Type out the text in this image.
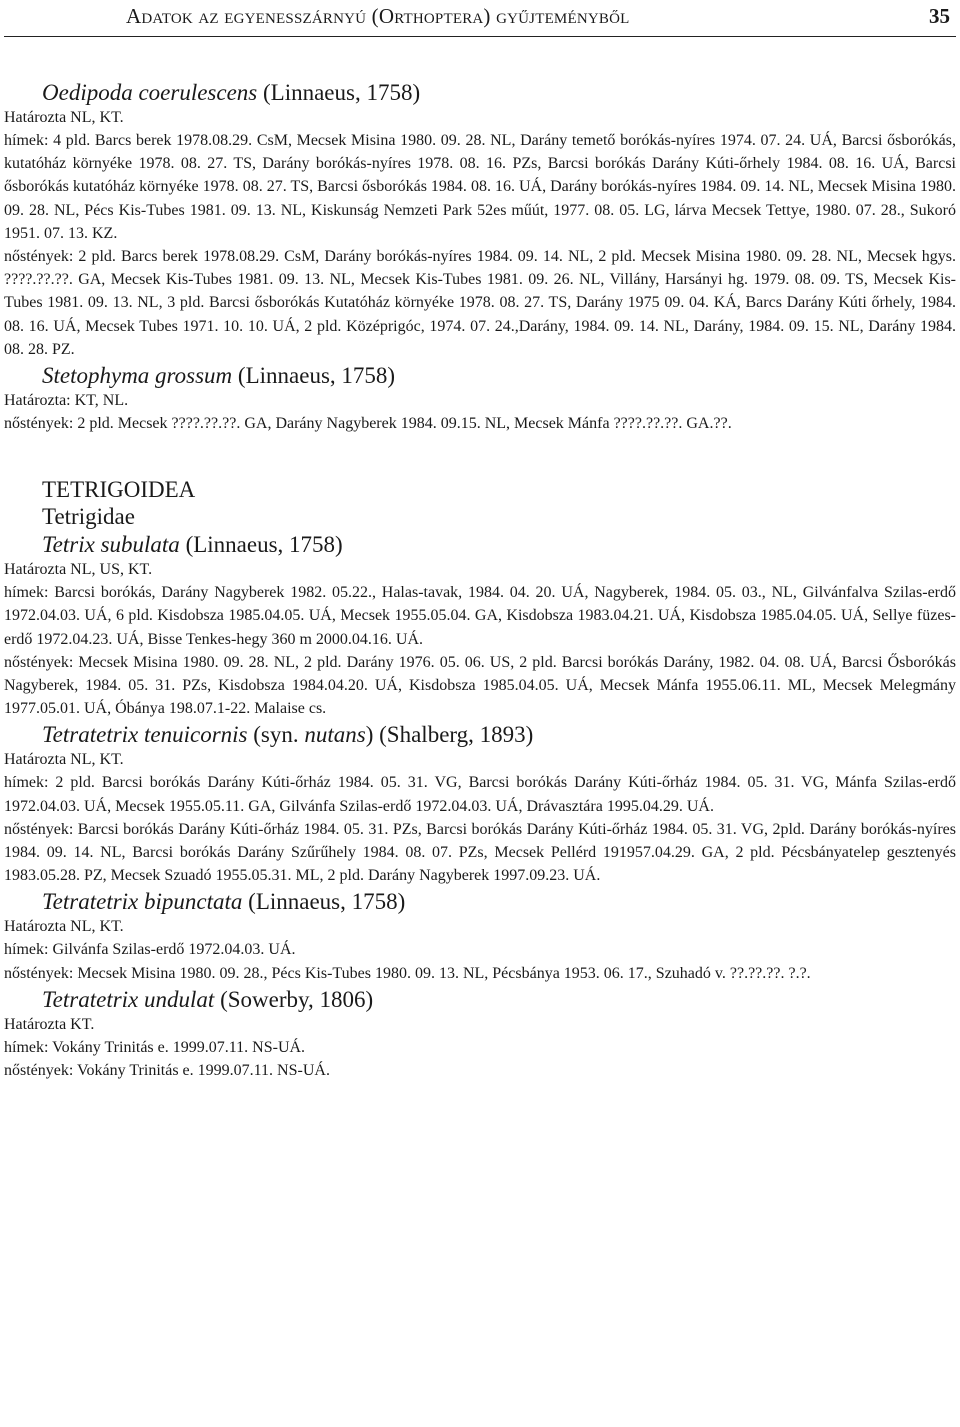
Adatok az egyenesszárnyú (Orthoptera) gyűjteményből	35
Oedipoda coerulescens (Linnaeus, 1758)
Határozta NL, KT.

hímek: 4 pld. Barcs berek 1978.08.29. CsM, Mecsek Misina 1980. 09. 28. NL, Darány temető borókás-nyíres 1974. 07. 24. UÁ, Barcsi ősborókás, kutatóház környéke 1978. 08. 27. TS, Darány borókás-nyíres 1978. 08. 16. PZs, Barcsi borókás Darány Kúti-őrhely 1984. 08. 16. UÁ, Barcsi ősborókás kutatóház környéke 1978. 08. 27. TS, Barcsi ősborókás 1984. 08. 16. UÁ, Darány borókás-nyíres 1984. 09. 14. NL, Mecsek Misina 1980. 09. 28. NL, Pécs Kis-Tubes 1981. 09. 13. NL, Kiskunság Nemzeti Park 52es műút, 1977. 08. 05. LG, lárva Mecsek Tettye, 1980. 07. 28., Sukoró 1951. 07. 13. KZ.

nőstények: 2 pld. Barcs berek 1978.08.29. CsM, Darány borókás-nyíres 1984. 09. 14. NL, 2 pld. Mecsek Misina 1980. 09. 28. NL, Mecsek hgys. ????.??.??. GA, Mecsek Kis-Tubes 1981. 09. 13. NL, Mecsek Kis-Tubes 1981. 09. 26. NL, Villány, Harsányi hg. 1979. 08. 09. TS, Mecsek Kis-Tubes 1981. 09. 13. NL, 3 pld. Barcsi ősborókás Kutatóház környéke 1978. 08. 27. TS, Darány 1975 09. 04. KÁ, Barcs Darány Kúti őrhely, 1984. 08. 16. UÁ, Mecsek Tubes 1971. 10. 10. UÁ, 2 pld. Középrigóc, 1974. 07. 24.,Darány, 1984. 09. 14. NL, Darány, 1984. 09. 15. NL, Darány 1984. 08. 28. PZ.

Stetophyma grossum (Linnaeus, 1758)
Határozta: KT, NL.

nőstények: 2 pld. Mecsek ????.??.??. GA, Darány Nagyberek 1984. 09.15. NL, Mecsek Mánfa ????.??.??. GA.??.

TETRIGOIDEA
Tetrigidae
Tetrix subulata (Linnaeus, 1758)
Határozta NL, US, KT.

hímek: Barcsi borókás, Darány Nagyberek 1982. 05.22., Halas-tavak, 1984. 04. 20. UÁ, Nagyberek, 1984. 05. 03., NL, Gilvánfalva Szilas-erdő 1972.04.03. UÁ, 6 pld. Kisdobsza 1985.04.05. UÁ, Mecsek 1955.05.04. GA, Kisdobsza 1983.04.21. UÁ, Kisdobsza 1985.04.05. UÁ, Sellye füzes-erdő 1972.04.23. UÁ, Bisse Tenkes-hegy 360 m 2000.04.16. UÁ.

nőstények: Mecsek Misina 1980. 09. 28. NL, 2 pld. Darány 1976. 05. 06. US, 2 pld. Barcsi borókás Darány, 1982. 04. 08. UÁ, Barcsi Ősborókás Nagyberek, 1984. 05. 31. PZs, Kisdobsza 1984.04.20. UÁ, Kisdobsza 1985.04.05. UÁ, Mecsek Mánfa 1955.06.11. ML, Mecsek Melegmány 1977.05.01. UÁ, Óbánya 198.07.1-22. Malaise cs.

Tetratetrix tenuicornis (syn. nutans) (Shalberg, 1893)
Határozta NL, KT.

hímek: 2 pld. Barcsi borókás Darány Kúti-őrház 1984. 05. 31. VG, Barcsi borókás Darány Kúti-őrház 1984. 05. 31. VG, Mánfa Szilas-erdő 1972.04.03. UÁ, Mecsek 1955.05.11. GA, Gilvánfa Szilas-erdő 1972.04.03. UÁ, Drávasztára 1995.04.29. UÁ.

nőstények: Barcsi borókás Darány Kúti-őrház 1984. 05. 31. PZs, Barcsi borókás Darány Kúti-őrház 1984. 05. 31. VG, 2pld. Darány borókás-nyíres 1984. 09. 14. NL, Barcsi borókás Darány Szűrűhely 1984. 08. 07. PZs, Mecsek Pellérd 191957.04.29. GA, 2 pld. Pécsbányatelep gesztenyés 1983.05.28. PZ, Mecsek Szuadó 1955.05.31. ML, 2 pld. Darány Nagyberek 1997.09.23. UÁ.

Tetratetrix bipunctata (Linnaeus, 1758)
Határozta NL, KT.

hímek: Gilvánfa Szilas-erdő 1972.04.03. UÁ.

nőstények: Mecsek Misina 1980. 09. 28., Pécs Kis-Tubes 1980. 09. 13. NL, Pécsbánya 1953. 06. 17., Szuhadó v. ??.??.??. ?.?.

Tetratetrix undulat (Sowerby, 1806)
Határozta KT.

hímek: Vokány Trinitás e. 1999.07.11. NS-UÁ.

nőstények: Vokány Trinitás e. 1999.07.11. NS-UÁ.
